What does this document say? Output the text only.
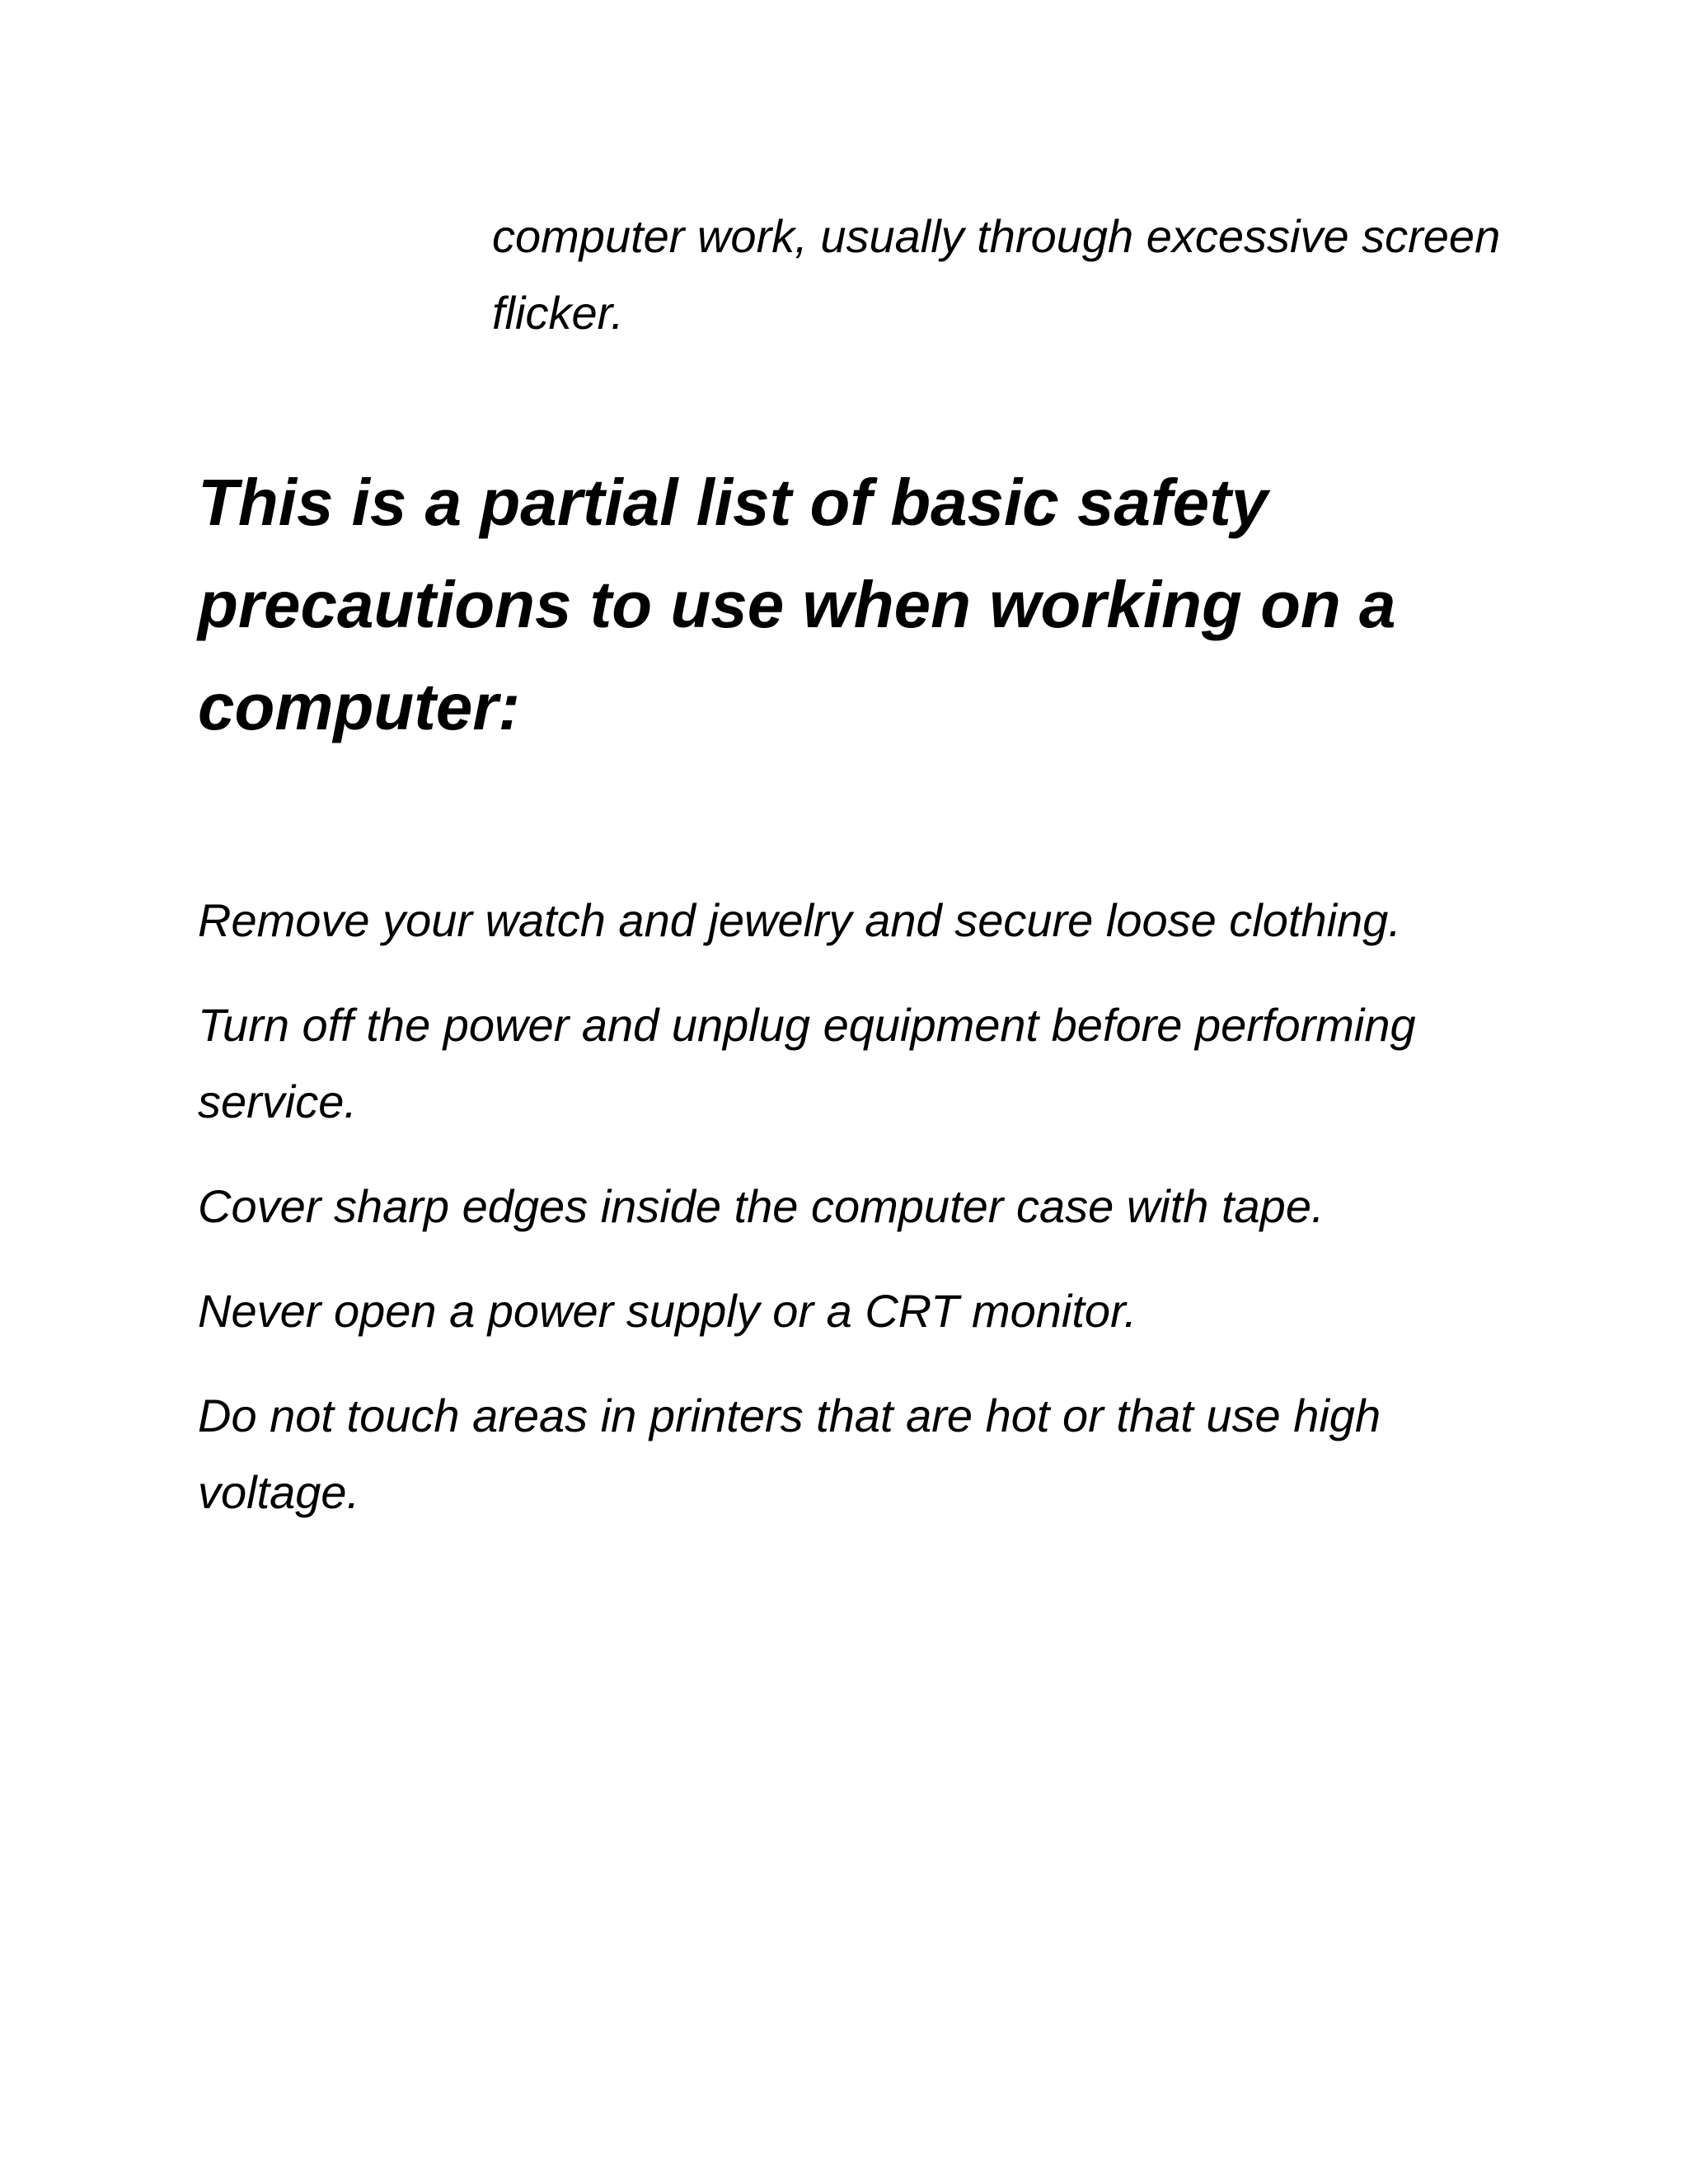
computer work, usually through excessive screen flicker.

This is a partial list of basic safety precautions to use when working on a computer:
Remove your watch and jewelry and secure loose clothing.
Turn off the power and unplug equipment before performing service.
Cover sharp edges inside the computer case with tape.
Never open a power supply or a CRT monitor.
Do not touch areas in printers that are hot or that use high voltage.
